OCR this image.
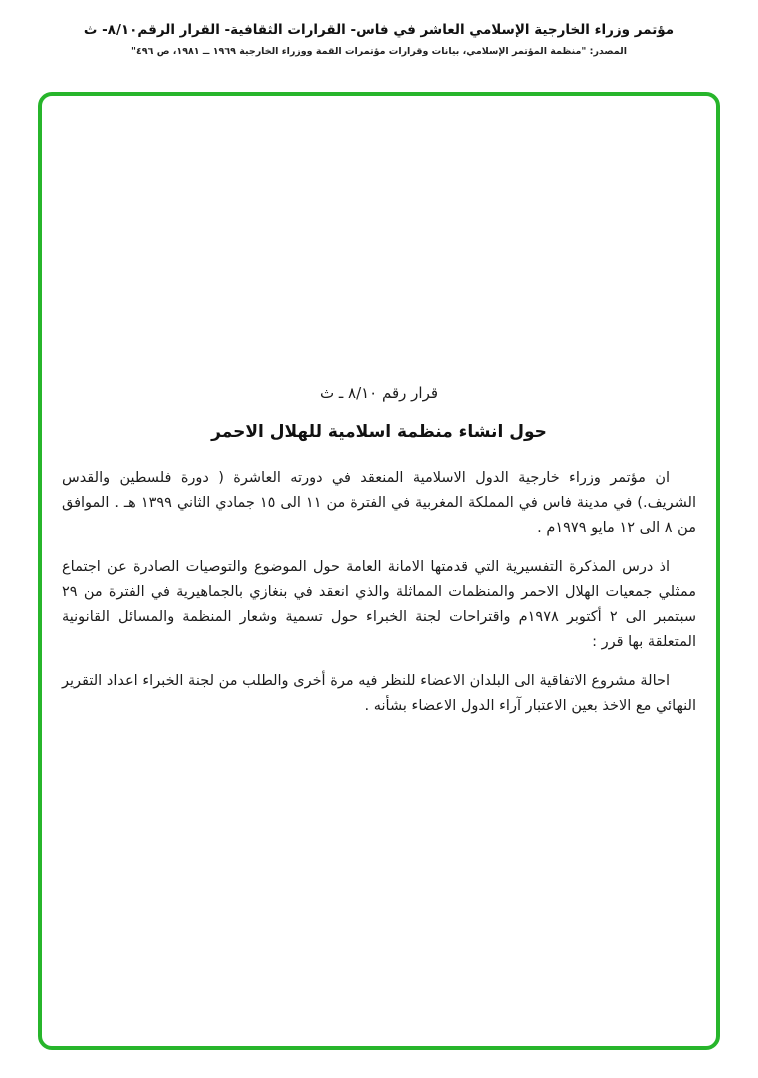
مؤتمر وزراء الخارجية الإسلامي العاشر في فاس- القرارات الثقافية- القرار الرقم٨/١٠- ث
المصدر: "منظمة المؤتمر الإسلامي، بيانات وقرارات مؤتمرات القمة ووزراء الخارجية ١٩٦٩ ــ ١٩٨١، ص ٤٩٦"
قرار رقم ٨/١٠ ـ ث
حول انشاء منظمة اسلامية للهلال الاحمر

ان مؤتمر وزراء خارجية الدول الاسلامية المنعقد في دورته العاشرة ( دورة فلسطين والقدس الشريف.) في مدينة فاس في المملكة المغربية في الفترة من ١١ الى ١٥ جمادي الثاني ١٣٩٩ هـ . الموافق من ٨ الى ١٢ مايو ١٩٧٩م .

اذ درس المذكرة التفسيرية التي قدمتها الامانة العامة حول الموضوع والتوصيات الصادرة عن اجتماع ممثلي جمعيات الهلال الاحمر والمنظمات المماثلة والذي انعقد في بنغازي بالجماهيرية في الفترة من ٢٩ سبتمبر الى ٢ أكتوبر ١٩٧٨م واقتراحات لجنة الخبراء حول تسمية وشعار المنظمة والمسائل القانونية المتعلقة بها قرر :

احالة مشروع الاتفاقية الى البلدان الاعضاء للنظر فيه مرة أخرى والطلب من لجنة الخبراء اعداد التقرير النهائي مع الاخذ بعين الاعتبار آراء الدول الاعضاء بشأنه .
